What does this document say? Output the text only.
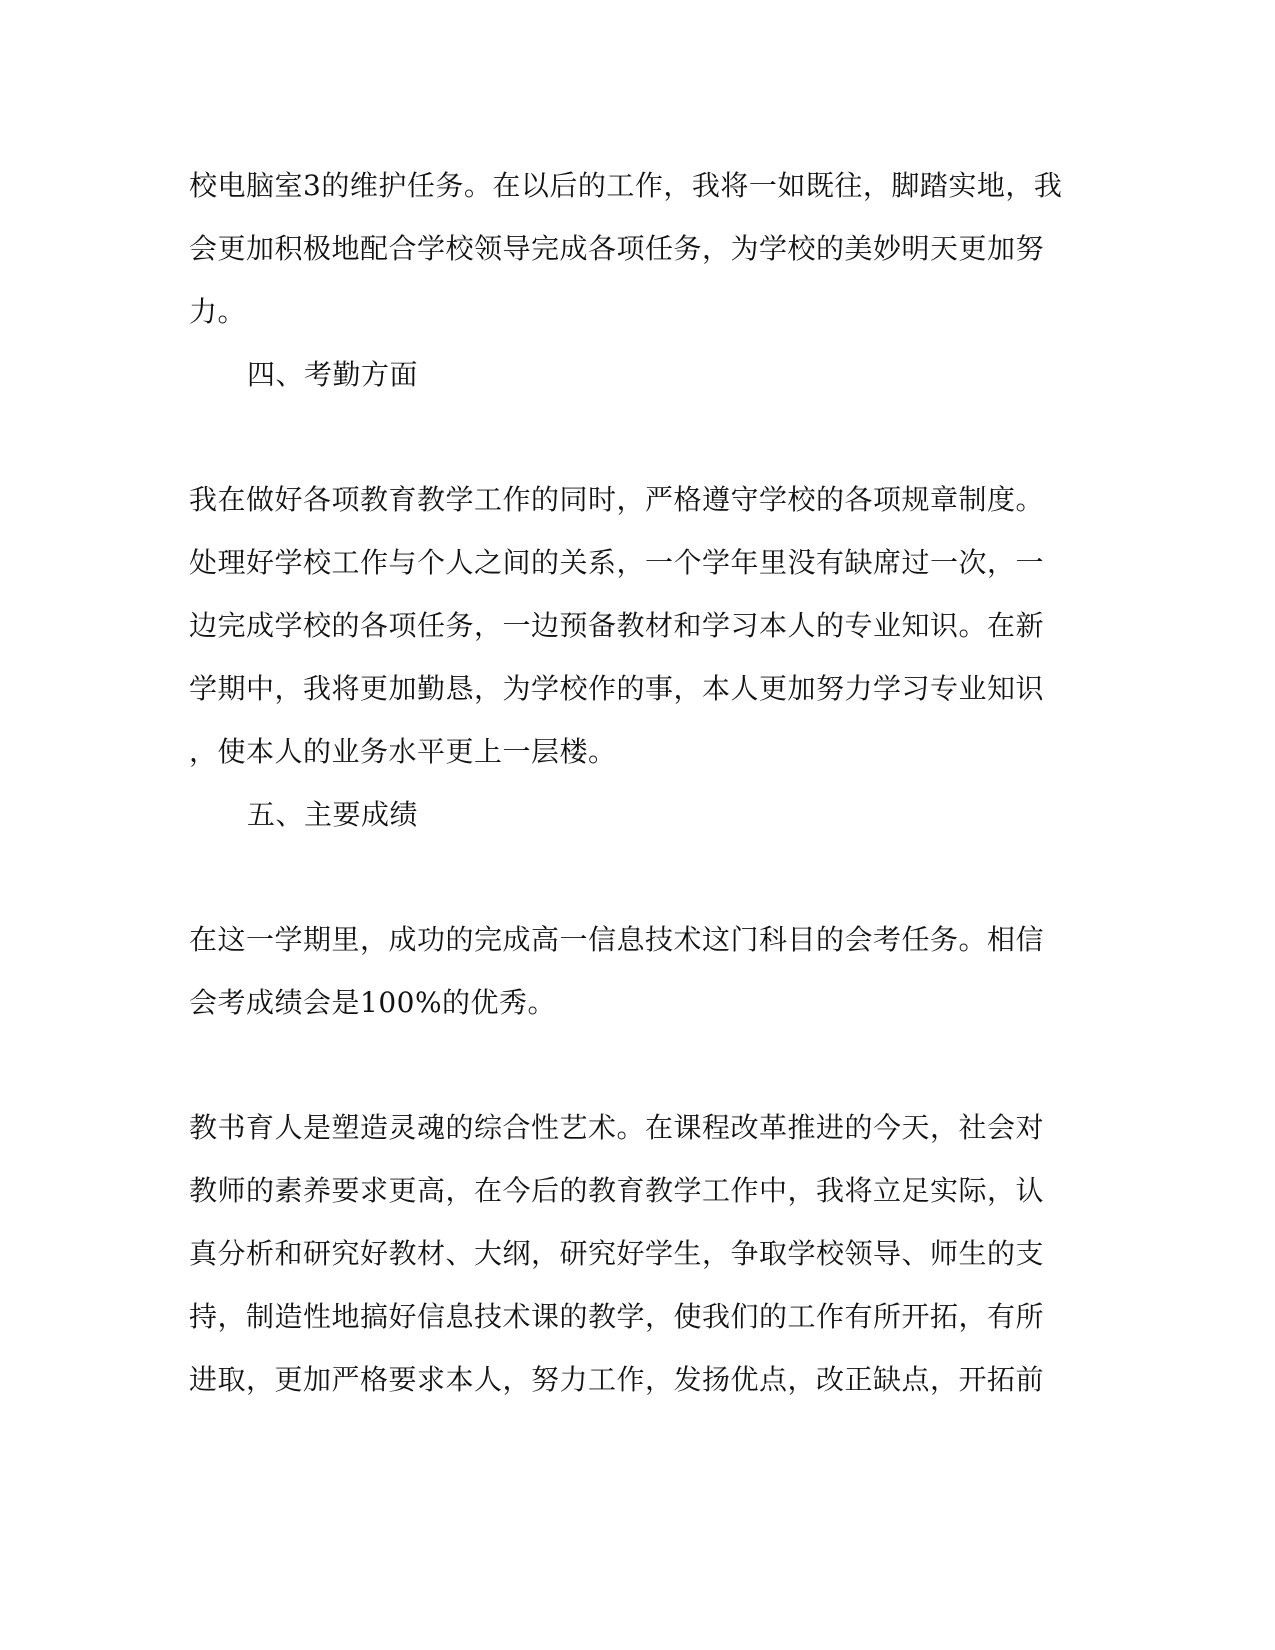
校电脑室3的维护任务。在以后的工作，我将一如既往，脚踏实地，我
会更加积极地配合学校领导完成各项任务，为学校的美妙明天更加努
力。
四、考勤方面
我在做好各项教育教学工作的同时，严格遵守学校的各项规章制度。
处理好学校工作与个人之间的关系，一个学年里没有缺席过一次，一
边完成学校的各项任务，一边预备教材和学习本人的专业知识。在新
学期中，我将更加勤恳，为学校作的事，本人更加努力学习专业知识
，使本人的业务水平更上一层楼。
五、主要成绩
在这一学期里，成功的完成高一信息技术这门科目的会考任务。相信
会考成绩会是100%的优秀。
教书育人是塑造灵魂的综合性艺术。在课程改革推进的今天，社会对
教师的素养要求更高，在今后的教育教学工作中，我将立足实际，认
真分析和研究好教材、大纲，研究好学生，争取学校领导、师生的支
持，制造性地搞好信息技术课的教学，使我们的工作有所开拓，有所
进取，更加严格要求本人，努力工作，发扬优点，改正缺点，开拓前
